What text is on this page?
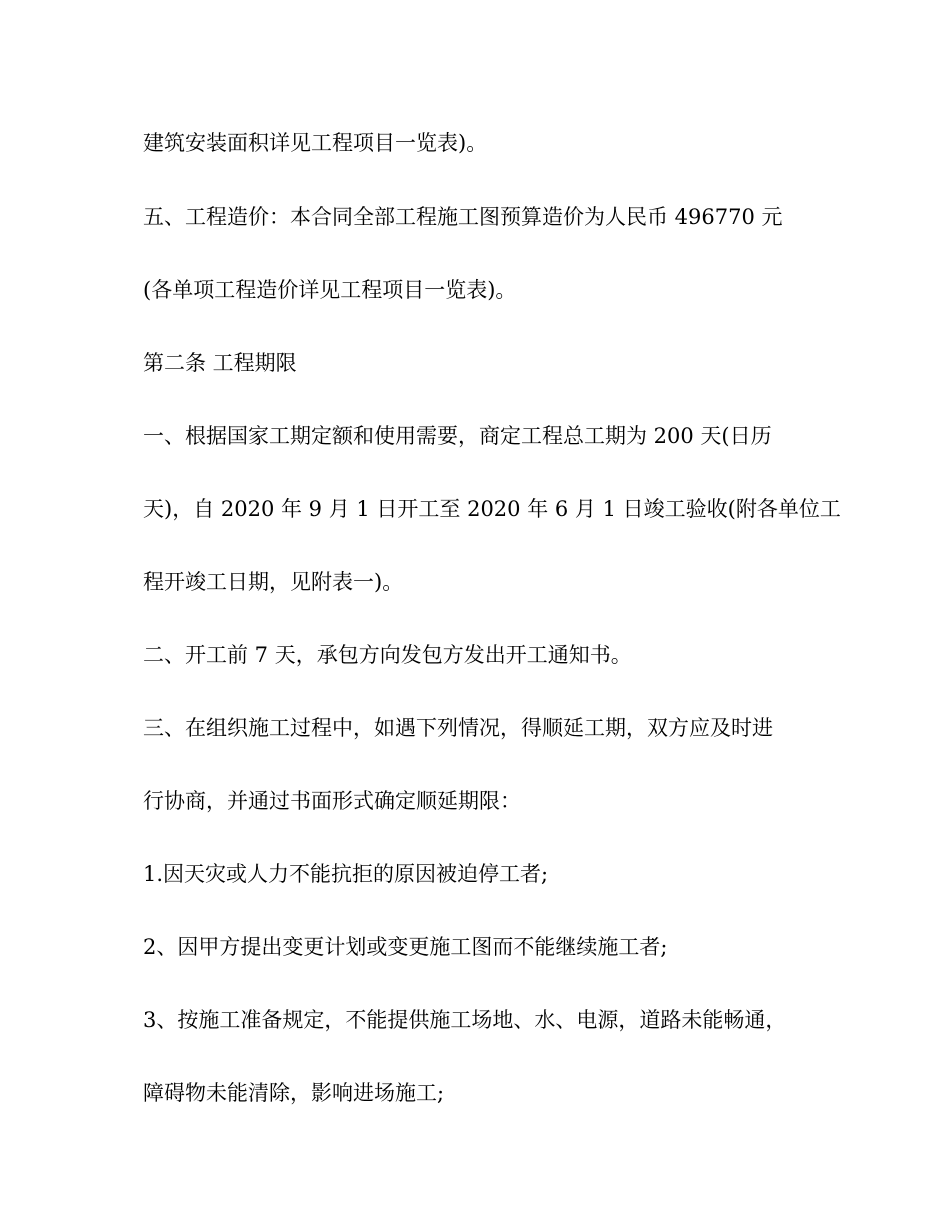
建筑安装面积详见工程项目一览表)。
五、工程造价：本合同全部工程施工图预算造价为人民币 496770 元
(各单项工程造价详见工程项目一览表)。
第二条 工程期限
一、根据国家工期定额和使用需要，商定工程总工期为 200 天(日历
天)，自 2020 年 9 月 1 日开工至 2020 年 6 月 1 日竣工验收(附各单位工
程开竣工日期，见附表一)。
二、开工前 7 天，承包方向发包方发出开工通知书。
三、在组织施工过程中，如遇下列情况，得顺延工期，双方应及时进
行协商，并通过书面形式确定顺延期限：
1.因天灾或人力不能抗拒的原因被迫停工者;
2、因甲方提出变更计划或变更施工图而不能继续施工者;
3、按施工准备规定，不能提供施工场地、水、电源，道路未能畅通，
障碍物未能清除，影响进场施工;
